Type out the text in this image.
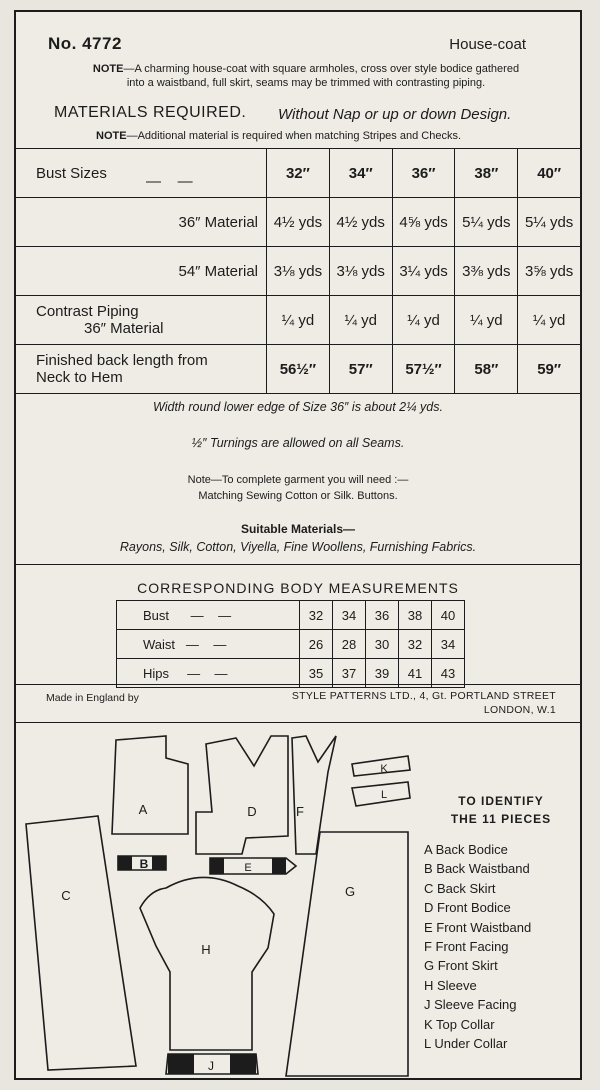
No. 4772	House-coat
NOTE—A charming house-coat with square armholes, cross over style bodice gathered
into a waistband, full skirt, seams may be trimmed with contrasting piping.
MATERIALS REQUIRED. Without Nap or up or down Design.
NOTE—Additional material is required when matching Stripes and Checks.
Bust Sizes —    —	32″	34″	36″	38″	40″
36″ Material	4½ yds	4½ yds	4⅝ yds	5¼ yds	5¼ yds
54″ Material	3⅛ yds	3⅛ yds	3¼ yds	3⅜ yds	3⅝ yds

Contrast Piping
36″ Material	¼ yd	¼ yd	¼ yd	¼ yd	¼ yd

Finished back length from
Neck to Hem	56½″	57″	57½″	58″	59″
Width round lower edge of Size 36″ is about 2¼ yds.
½″ Turnings are allowed on all Seams.
Note—To complete garment you will need :—
Matching Sewing Cotton or Silk. Buttons.
Suitable Materials—
Rayons, Silk, Cotton, Viyella, Fine Woollens, Furnishing Fabrics.
CORRESPONDING BODY MEASUREMENTS
Bust      —    —	32	34	36	38	40
Waist   —    —	26	28	30	32	34
Hips     —    —	35	37	39	41	43
Made in England by	STYLE PATTERNS LTD., 4, Gt. PORTLAND STREET
LONDON, W.1
A
B
C
D
E
F
G
H
J
K
L	TO IDENTIFY
THE 11 PIECES
A Back Bodice
B Back Waistband
C Back Skirt
D Front Bodice
E Front Waistband
F Front Facing
G Front Skirt
H Sleeve
J Sleeve Facing
K Top Collar
L Under Collar
